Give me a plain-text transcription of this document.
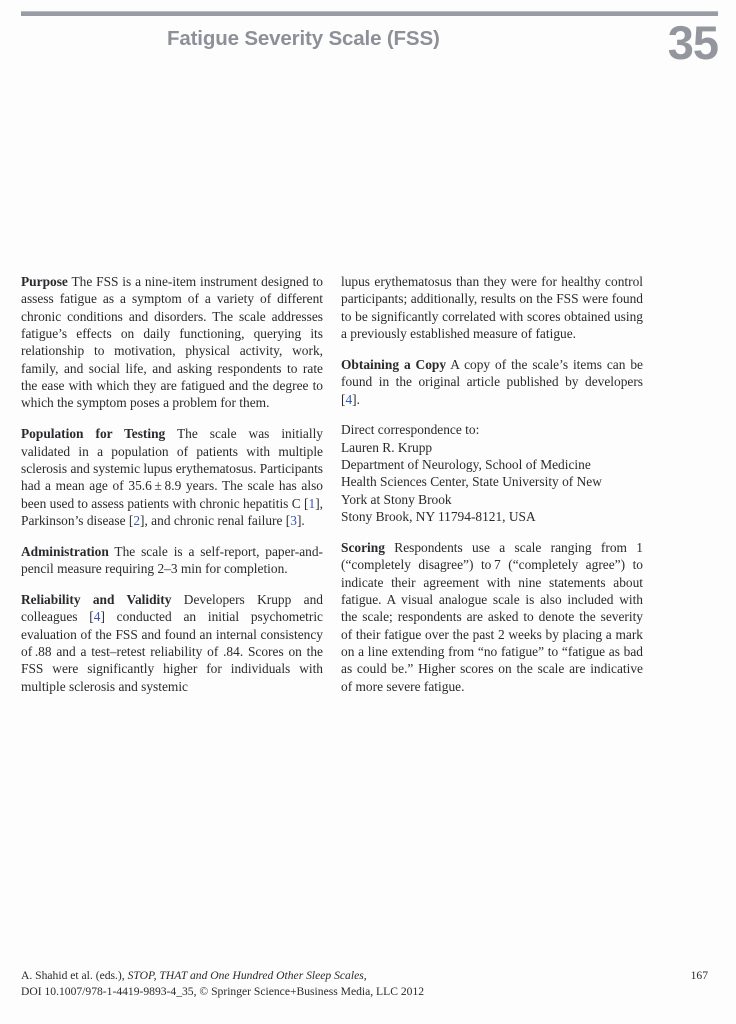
Fatigue Severity Scale (FSS)	35

Purpose The FSS is a nine-item instrument designed to assess fatigue as a symptom of a variety of different chronic conditions and disorders. The scale addresses fatigue’s effects on daily functioning, querying its relationship to motivation, physical activity, work, family, and social life, and asking respondents to rate the ease with which they are fatigued and the degree to which the symptom poses a problem for them.

Population for Testing The scale was initially validated in a population of patients with multiple sclerosis and systemic lupus erythematosus. Participants had a mean age of 35.6 ± 8.9 years. The scale has also been used to assess patients with chronic hepatitis C [1], Parkinson’s disease [2], and chronic renal failure [3].

Administration The scale is a self-report, paper-and-pencil measure requiring 2–3 min for completion.

Reliability and Validity Developers Krupp and colleagues [4] conducted an initial psychometric evaluation of the FSS and found an internal consistency of .88 and a test–retest reliability of .84. Scores on the FSS were significantly higher for individuals with multiple sclerosis and systemic

lupus erythematosus than they were for healthy control participants; additionally, results on the FSS were found to be significantly correlated with scores obtained using a previously established measure of fatigue.

Obtaining a Copy A copy of the scale’s items can be found in the original article published by developers [4].

Direct correspondence to:
Lauren R. Krupp
Department of Neurology, School of Medicine
Health Sciences Center, State University of New
York at Stony Brook
Stony Brook, NY 11794-8121, USA

Scoring Respondents use a scale ranging from 1 (“completely disagree”) to 7 (“completely agree”) to indicate their agreement with nine statements about fatigue. A visual analogue scale is also included with the scale; respondents are asked to denote the severity of their fatigue over the past 2 weeks by placing a mark on a line extending from “no fatigue” to “fatigue as bad as could be.” Higher scores on the scale are indicative of more severe fatigue.

A. Shahid et al. (eds.), STOP, THAT and One Hundred Other Sleep Scales,	167
DOI 10.1007/978-1-4419-9893-4_35, © Springer Science+Business Media, LLC 2012
